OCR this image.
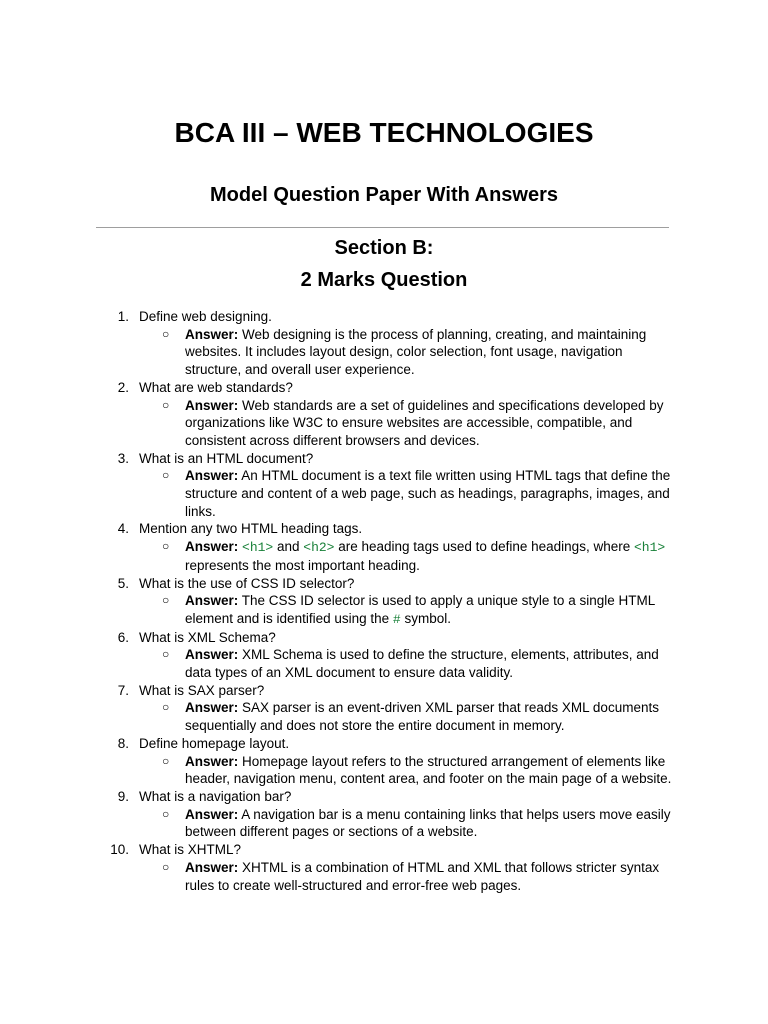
BCA III – WEB TECHNOLOGIES
Model Question Paper With Answers
Section B:
2 Marks Question
1. Define web designing.
○ Answer: Web designing is the process of planning, creating, and maintaining websites. It includes layout design, color selection, font usage, navigation structure, and overall user experience.
2. What are web standards?
○ Answer: Web standards are a set of guidelines and specifications developed by organizations like W3C to ensure websites are accessible, compatible, and consistent across different browsers and devices.
3. What is an HTML document?
○ Answer: An HTML document is a text file written using HTML tags that define the structure and content of a web page, such as headings, paragraphs, images, and links.
4. Mention any two HTML heading tags.
○ Answer: <h1> and <h2> are heading tags used to define headings, where <h1> represents the most important heading.
5. What is the use of CSS ID selector?
○ Answer: The CSS ID selector is used to apply a unique style to a single HTML element and is identified using the # symbol.
6. What is XML Schema?
○ Answer: XML Schema is used to define the structure, elements, attributes, and data types of an XML document to ensure data validity.
7. What is SAX parser?
○ Answer: SAX parser is an event-driven XML parser that reads XML documents sequentially and does not store the entire document in memory.
8. Define homepage layout.
○ Answer: Homepage layout refers to the structured arrangement of elements like header, navigation menu, content area, and footer on the main page of a website.
9. What is a navigation bar?
○ Answer: A navigation bar is a menu containing links that helps users move easily between different pages or sections of a website.
10. What is XHTML?
○ Answer: XHTML is a combination of HTML and XML that follows stricter syntax rules to create well-structured and error-free web pages.
